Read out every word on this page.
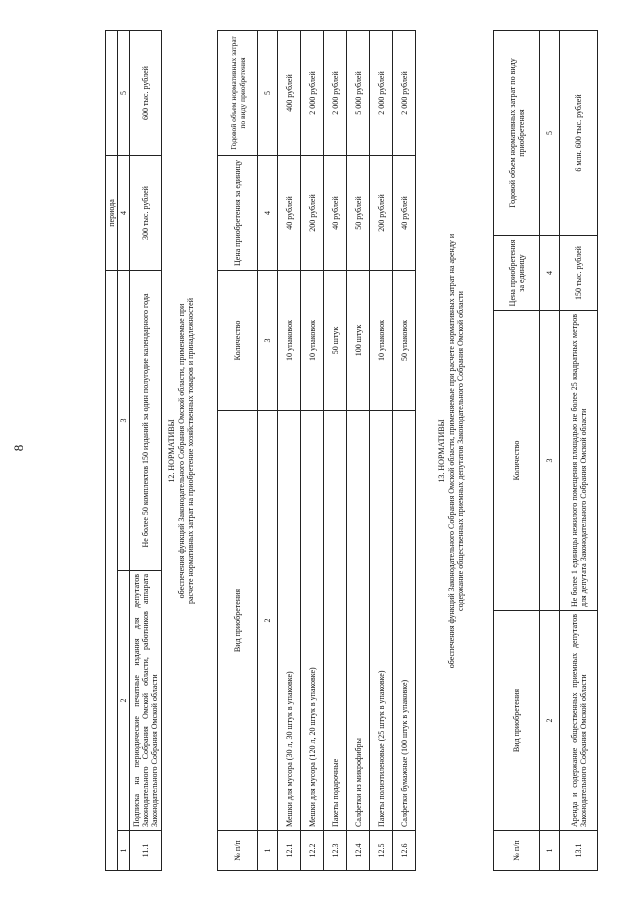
8
			периода	
1	2	3	4	5
11.1	Подписка на периодические печатные издания для депутатов Законодательного Собрания Омской области, работников аппарата Законодательного Собрания Омской области	Не более 50 комплектов 150 изданий за один полугодие календарного года	300 тыс. рублей	600 тыс. рублей
12. НОРМАТИВЫ обеспечения функций Законодательного Собрания Омской области, применяемые при расчете нормативных затрат на приобретение хозяйственных товаров и принадлежностей
№ п/п	Вид приобретения	Количество	Цена приобретения за единицу	Годовой объем нормативных затрат по виду приобретения
1	2	3	4	5
12.1	Мешки для мусора (30 л, 30 штук в упаковке)	10 упаковок	40 рублей	400 рублей
12.2	Мешки для мусора (120 л, 20 штук в упаковке)	10 упаковок	200 рублей	2 000 рублей
12.3	Пакеты подарочные	50 штук	40 рублей	2 000 рублей
12.4	Салфетки из микрофибры	100 штук	50 рублей	5 000 рублей
12.5	Пакеты полиэтиленовые (25 штук в упаковке)	10 упаковок	200 рублей	2 000 рублей
12.6	Салфетки бумажные (100 штук в упаковке)	50 упаковок	40 рублей	2 000 рублей
13. НОРМАТИВЫ обеспечения функций Законодательного Собрания Омской области, применяемые при расчете нормативных затрат на аренду и содержание общественных приемных депутатов Законодательного Собрания Омской области
№ п/п	Вид приобретения	Количество	Цена приобретения за единицу	Годовой объем нормативных затрат по виду приобретения
1	2	3	4	5
13.1	Аренда и содержание общественных приемных депутатов Законодательного Собрания Омской области	Не более 1 единицы нежилого помещения площадью не более 25 квадратных метров для депутата Законодательного Собрания Омской области	150 тыс. рублей	6 млн. 600 тыс. рублей
